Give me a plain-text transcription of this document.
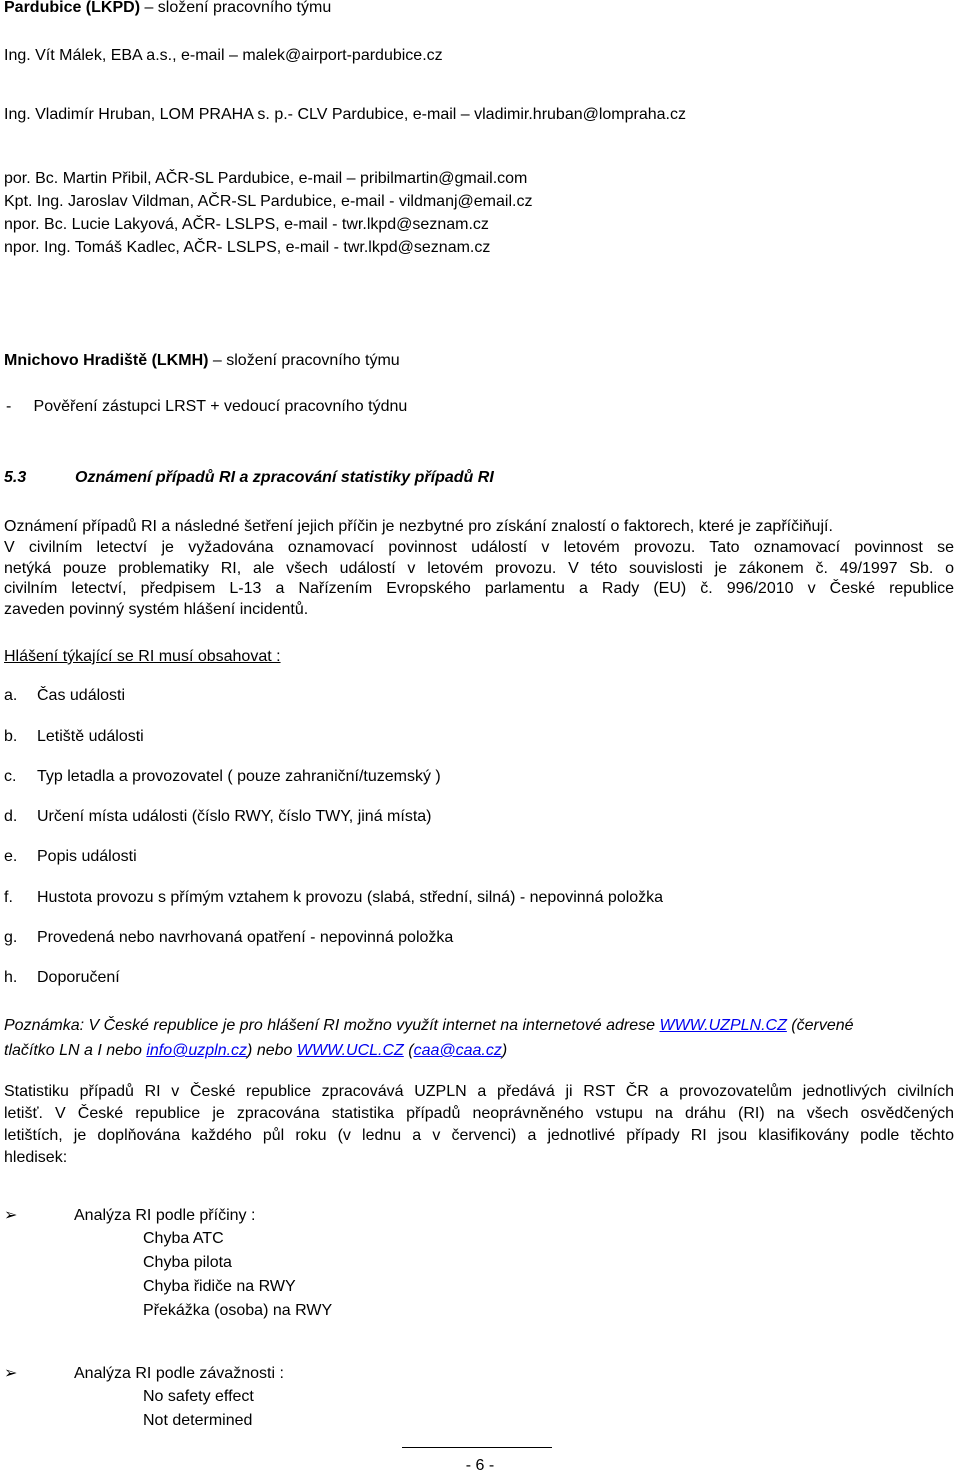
Pardubice (LKPD) – složení pracovního týmu
Ing. Vít Málek, EBA a.s., e-mail – malek@airport-pardubice.cz
Ing. Vladimír Hruban, LOM PRAHA s. p.- CLV Pardubice, e-mail – vladimir.hruban@lompraha.cz
por. Bc. Martin Přibil, AČR-SL Pardubice, e-mail – pribilmartin@gmail.com
Kpt. Ing. Jaroslav Vildman, AČR-SL Pardubice, e-mail - vildmanj@email.cz
npor. Bc. Lucie Lakyová, AČR- LSLPS, e-mail - twr.lkpd@seznam.cz
npor. Ing. Tomáš Kadlec, AČR- LSLPS, e-mail - twr.lkpd@seznam.cz
Mnichovo Hradiště (LKMH) – složení pracovního týmu
-     Pověření zástupci LRST + vedoucí pracovního týdnu
5.3	Oznámení případů RI a zpracování statistiky případů RI
Oznámení případů RI a následné šetření jejich příčin je nezbytné pro získání znalostí o faktorech, které je zapříčiňují.
V civilním letectví je vyžadována oznamovací povinnost událostí v letovém provozu. Tato oznamovací povinnost se
netýká pouze problematiky RI, ale všech událostí v letovém provozu. V této souvislosti je zákonem č. 49/1997 Sb. o
civilním letectví, předpisem L-13 a Nařízením Evropského parlamentu a Rady (EU) č. 996/2010 v České republice
zaveden povinný systém hlášení incidentů.
Hlášení týkající se RI musí obsahovat :
a. Čas události
b. Letiště události
c. Typ letadla a provozovatel ( pouze zahraniční/tuzemský )
d. Určení místa události (číslo RWY, číslo TWY, jiná místa)
e. Popis události
f. Hustota provozu s přímým vztahem k provozu (slabá, střední, silná) - nepovinná položka
g. Provedená nebo navrhovaná opatření - nepovinná položka
h. Doporučení
Poznámka: V České republice je pro hlášení RI možno využít internet na internetové adrese WWW.UZPLN.CZ (červené
tlačítko LN a I nebo info@uzpln.cz) nebo WWW.UCL.CZ (caa@caa.cz)
Statistiku případů RI v České republice zpracovává UZPLN a předává ji RST ČR a provozovatelům jednotlivých civilních
letišť. V České republice je zpracována statistika případů neoprávněného vstupu na dráhu (RI) na všech osvědčených
letištích, je doplňována každého půl roku (v lednu a v červenci) a jednotlivé případy RI jsou klasifikovány podle těchto
hledisek:
➢	Analýza RI podle příčiny :
Chyba ATC
Chyba pilota
Chyba řidiče na RWY
Překážka (osoba) na RWY
➢	Analýza RI podle závažnosti :
No safety effect
Not determined
- 6 -
